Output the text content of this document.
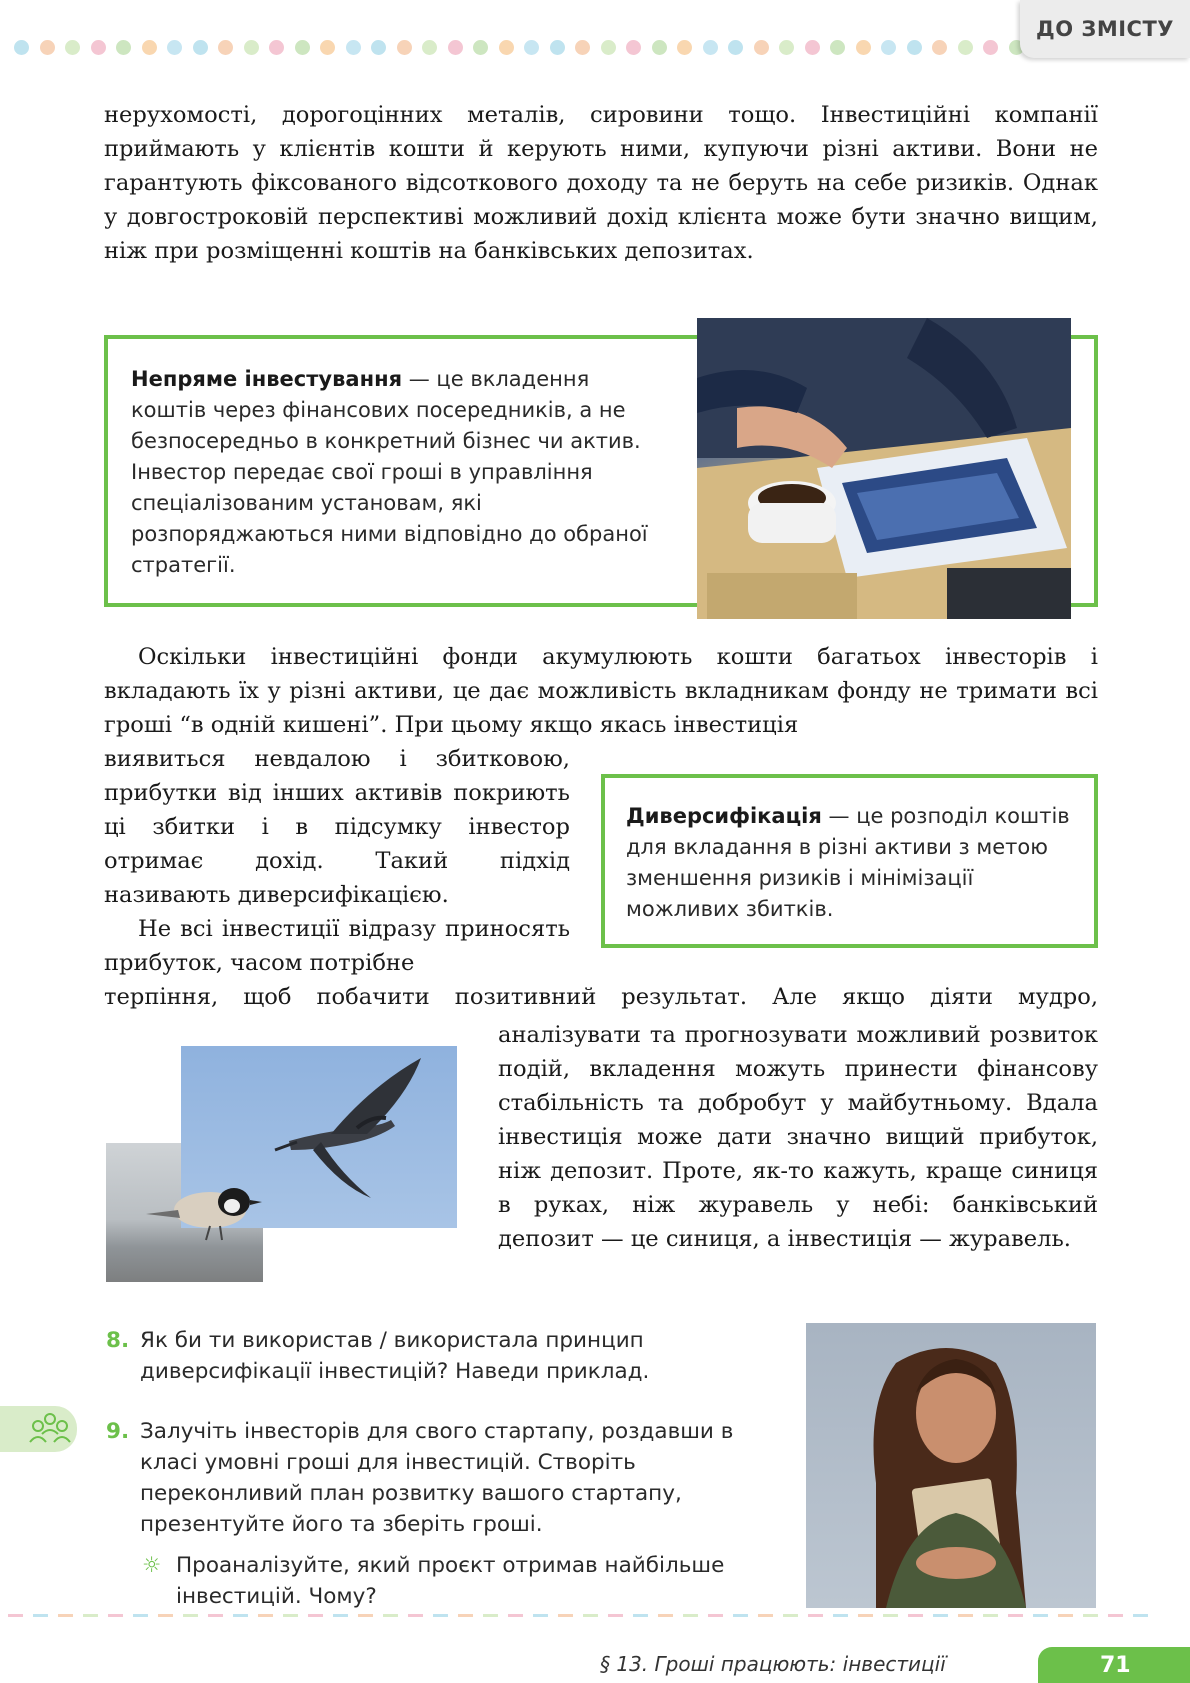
ДО ЗМІСТУ

нерухомості, дорогоцінних металів, сировини тощо. Інвестиційні компанії приймають у клієнтів кошти й керують ними, купуючи різні активи. Вони не гарантують фіксованого відсоткового доходу та не беруть на себе ризиків. Однак у довгостроковій перспективі можливий дохід клієнта може бути значно вищим, ніж при розміщенні коштів на банківських депозитах.

Непряме інвестування — це вкладення коштів через фінансових посередників, а не безпосередньо в конкретний бізнес чи актив. Інвестор передає свої гроші в управління спеціалізованим установам, які розпоряджаються ними відповідно до обраної стратегії.

Оскільки інвестиційні фонди акумулюють кошти багатьох інвесторів і вкладають їх у різні активи, це дає можливість вкладникам фонду не тримати всі гроші “в одній кишені”. При цьому якщо якась інвестиція

виявиться невдалою і збитковою, прибутки від інших активів покриють ці збитки і в підсумку інвестор отримає дохід. Такий підхід називають диверсифікацією.

Не всі інвестиції відразу приносять прибуток, часом потрібне

Диверсифікація — це розподіл коштів для вкладання в різні активи з метою зменшення ризиків і мінімізації можливих збитків.

терпіння, щоб побачити позитивний результат. Але якщо діяти мудро,

аналізувати та прогнозувати можливий розвиток подій, вкладення можуть принести фінансову стабільність та добробут у майбутньому. Вдала інвестиція може дати значно вищий прибуток, ніж депозит. Проте, як-то кажуть, краще синиця в руках, ніж журавель у небі: банківський депозит — це синиця, а інвестиція — журавель.

8. Як би ти використав / використала принцип диверсифікації інвестицій? Наведи приклад.
9. Залучіть інвесторів для свого стартапу, роздавши в класі умовні гроші для інвестицій. Створіть переконливий план розвитку вашого стартапу, презентуйте його та зберіть гроші.
☼ Проаналізуйте, який проєкт отримав найбільше інвестицій. Чому?
§ 13. Гроші працюють: інвестиції	71
